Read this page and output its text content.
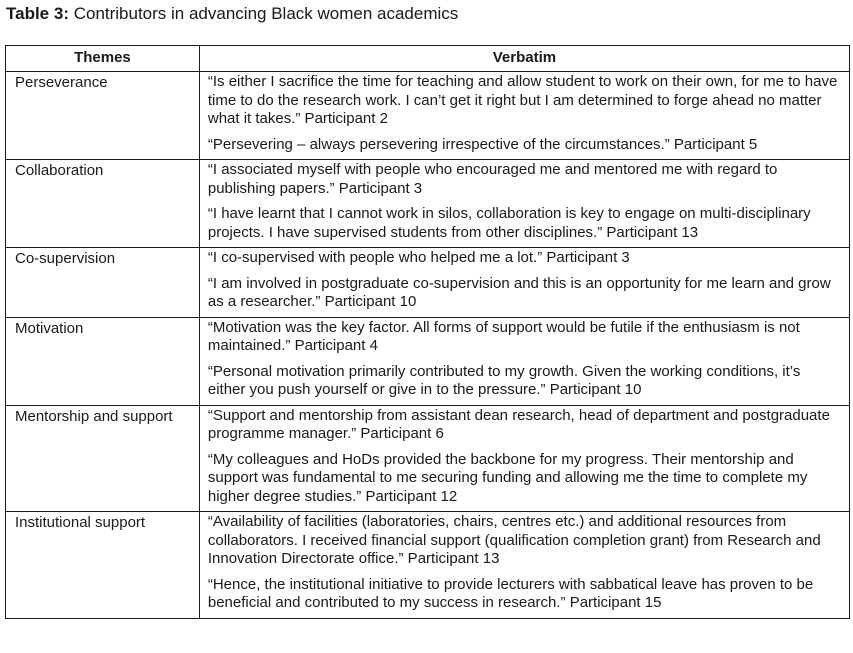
Table 3: Contributors in advancing Black women academics
Themes	Verbatim
Perseverance	“Is either I sacrifice the time for teaching and allow student to work on their own, for me to have time to do the research work. I can’t get it right but I am determined to forge ahead no matter what it takes.” Participant 2

“Persevering – always persevering irrespective of the circumstances.” Participant 5

Collaboration	“I associated myself with people who encouraged me and mentored me with regard to publishing papers.” Participant 3

“I have learnt that I cannot work in silos, collaboration is key to engage on multi-disciplinary projects. I have supervised students from other disciplines.” Participant 13

Co-supervision	“I co-supervised with people who helped me a lot.” Participant 3

“I am involved in postgraduate co-supervision and this is an opportunity for me learn and grow as a researcher.” Participant 10

Motivation	“Motivation was the key factor. All forms of support would be futile if the enthusiasm is not maintained.” Participant 4

“Personal motivation primarily contributed to my growth. Given the working conditions, it’s either you push yourself or give in to the pressure.” Participant 10

Mentorship and support	“Support and mentorship from assistant dean research, head of department and postgraduate programme manager.” Participant 6

“My colleagues and HoDs provided the backbone for my progress. Their mentorship and support was fundamental to me securing funding and allowing me the time to complete my higher degree studies.” Participant 12

Institutional support	“Availability of facilities (laboratories, chairs, centres etc.) and additional resources from collaborators. I received financial support (qualification completion grant) from Research and Innovation Directorate office.” Participant 13

“Hence, the institutional initiative to provide lecturers with sabbatical leave has proven to be beneficial and contributed to my success in research.” Participant 15
